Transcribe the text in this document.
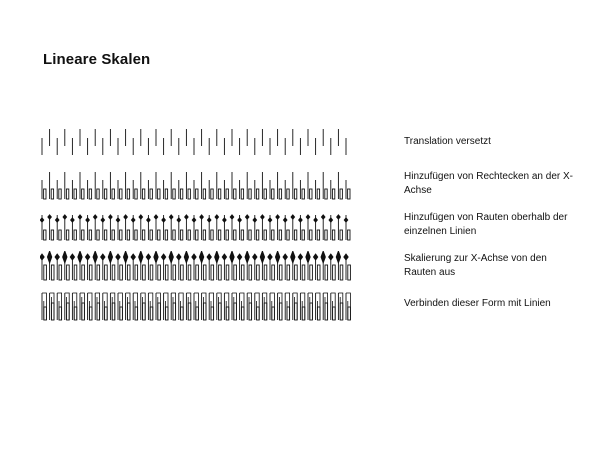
Lineare Skalen
Translation versetzt
Hinzufügen von Rechtecken an der X-Achse
Hinzufügen von Rauten oberhalb der einzelnen Linien
Skalierung zur X-Achse von den Rauten aus
Verbinden dieser Form mit Linien
